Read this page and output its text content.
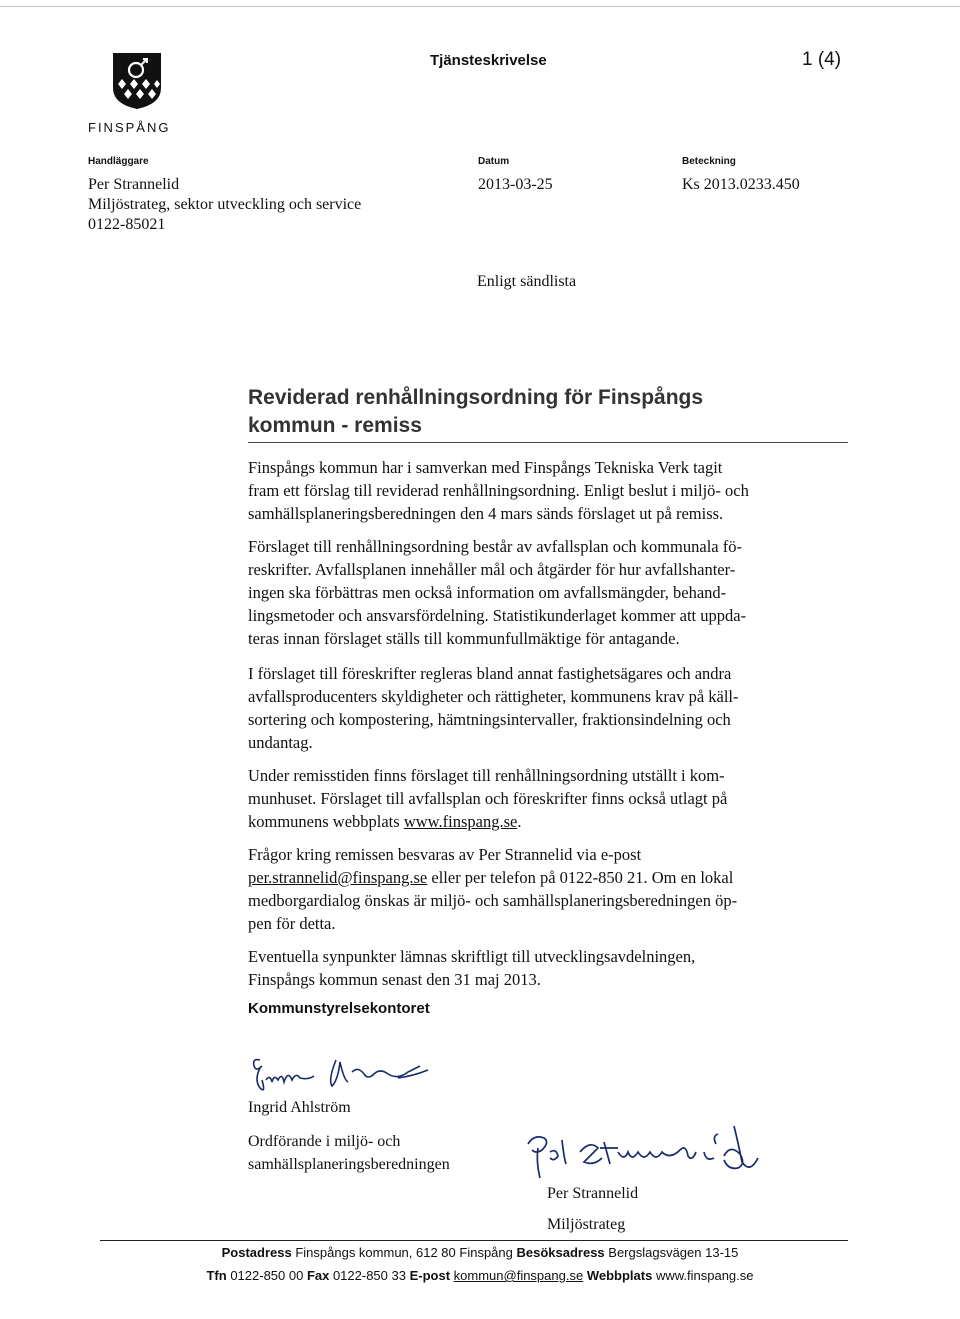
FINSPÅNG
Tjänsteskrivelse	1 (4)
Handläggare
Per Strannelid
Miljöstrateg, sektor utveckling och service
0122-85021
Datum
2013-03-25
Beteckning
Ks 2013.0233.450
Enligt sändlista
Reviderad renhållningsordning för Finspångs
kommun - remiss

Finspångs kommun har i samverkan med Finspångs Tekniska Verk tagit
fram ett förslag till reviderad renhållningsordning. Enligt beslut i miljö- och
samhällsplaneringsberedningen den 4 mars sänds förslaget ut på remiss.

Förslaget till renhållningsordning består av avfallsplan och kommunala fö-
reskrifter. Avfallsplanen innehåller mål och åtgärder för hur avfallshanter-
ingen ska förbättras men också information om avfallsmängder, behand-
lingsmetoder och ansvarsfördelning. Statistikunderlaget kommer att uppda-
teras innan förslaget ställs till kommunfullmäktige för antagande.

I förslaget till föreskrifter regleras bland annat fastighetsägares och andra
avfallsproducenters skyldigheter och rättigheter, kommunens krav på käll-
sortering och kompostering, hämtningsintervaller, fraktionsindelning och
undantag.

Under remisstiden finns förslaget till renhållningsordning utställt i kom-
munhuset. Förslaget till avfallsplan och föreskrifter finns också utlagt på
kommunens webbplats www.finspang.se.

Frågor kring remissen besvaras av Per Strannelid via e-post
per.strannelid@finspang.se eller per telefon på 0122-850 21. Om en lokal
medborgardialog önskas är miljö- och samhällsplaneringsberedningen öp-
pen för detta.

Eventuella synpunkter lämnas skriftligt till utvecklingsavdelningen,
Finspångs kommun senast den 31 maj 2013.

Kommunstyrelsekontoret
Ingrid Ahlström
Ordförande i miljö- och
samhällsplaneringsberedningen
Per Strannelid
Miljöstrateg
Postadress Finspångs kommun, 612 80 Finspång Besöksadress Bergslagsvägen 13-15
Tfn 0122-850 00 Fax 0122-850 33 E-post kommun@finspang.se Webbplats www.finspang.se
